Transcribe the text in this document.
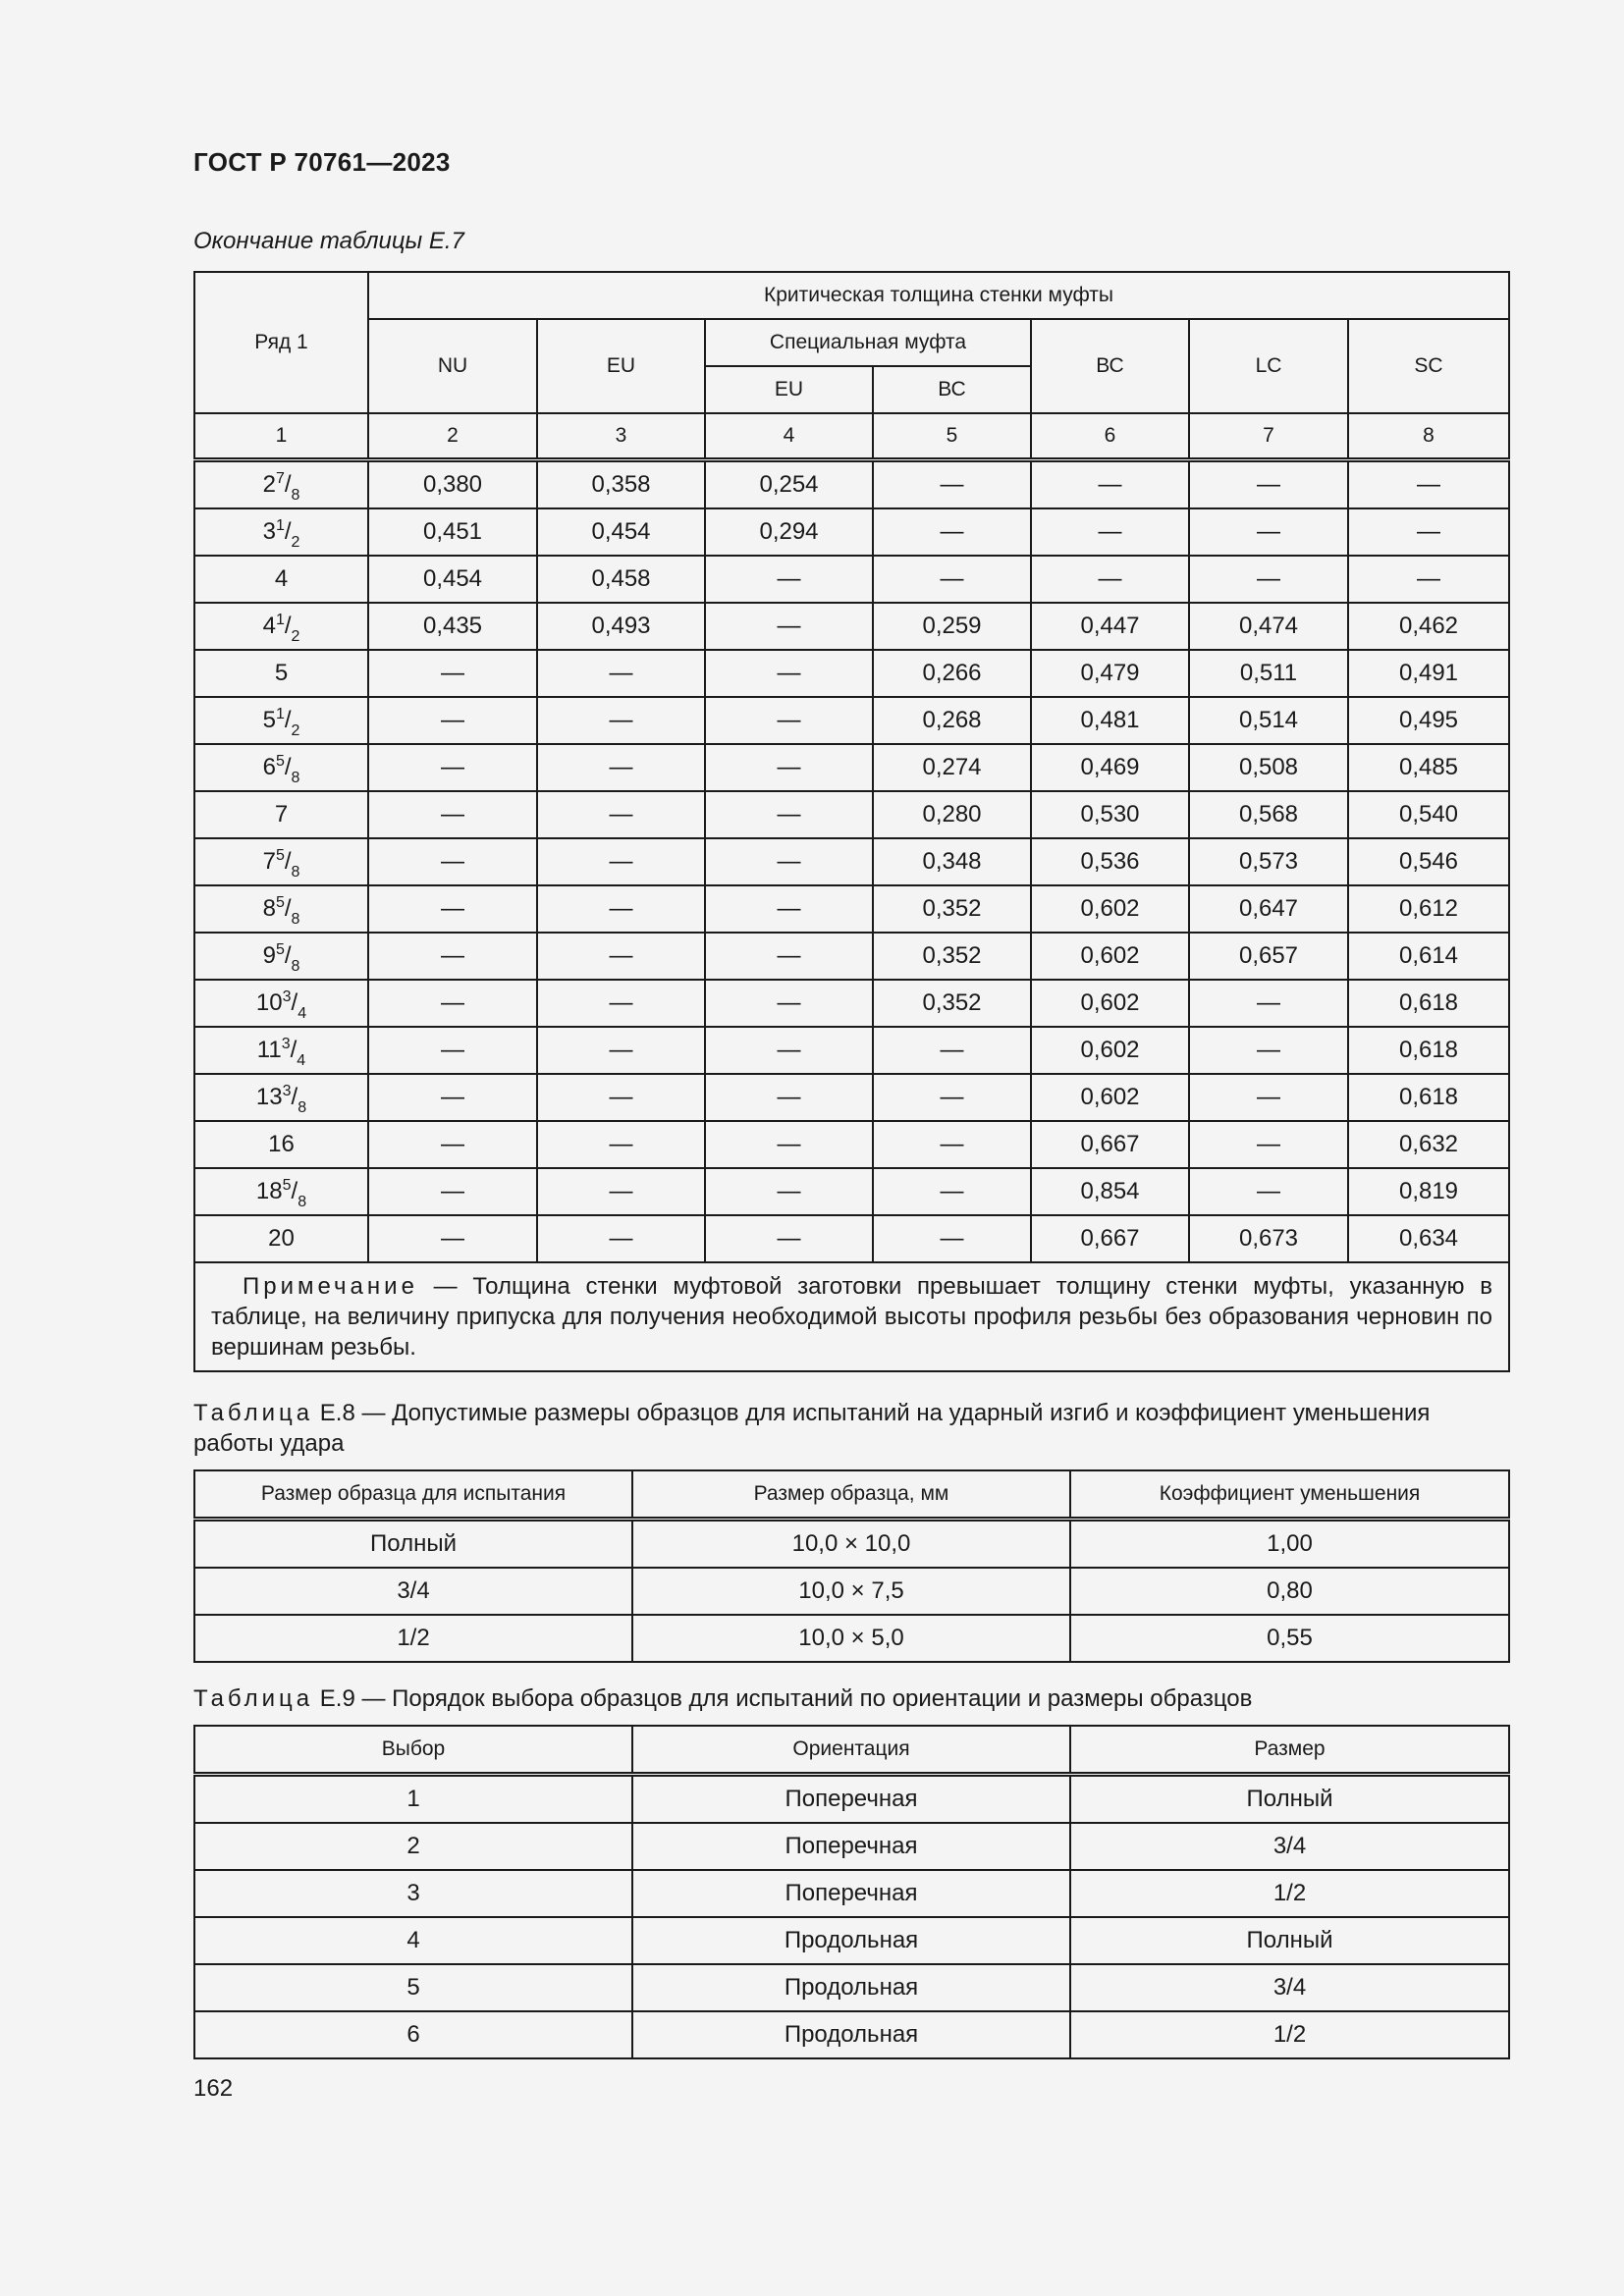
ГОСТ Р 70761—2023
Окончание таблицы Е.7
Ряд 1	Критическая толщина стенки муфты						
	NU	EU	Специальная муфта		ВС	LC	SC
			EU	ВС			
1	2	3	4	5	6	7	8
$2^7/_8$	0,380	0,358	0,254	—	—	—	—
$3^1/_2$	0,451	0,454	0,294	—	—	—	—
4	0,454	0,458	—	—	—	—	—
$4^1/_2$	0,435	0,493	—	0,259	0,447	0,474	0,462
5	—	—	—	0,266	0,479	0,511	0,491
$5^1/_2$	—	—	—	0,268	0,481	0,514	0,495
$6^5/_8$	—	—	—	0,274	0,469	0,508	0,485
7	—	—	—	0,280	0,530	0,568	0,540
$7^5/_8$	—	—	—	0,348	0,536	0,573	0,546
$8^5/_8$	—	—	—	0,352	0,602	0,647	0,612
$9^5/_8$	—	—	—	0,352	0,602	0,657	0,614
$10^3/_4$	—	—	—	0,352	0,602	—	0,618
$11^3/_4$	—	—	—	—	0,602	—	0,618
$13^3/_8$	—	—	—	—	0,602	—	0,618
16	—	—	—	—	0,667	—	0,632
$18^5/_8$	—	—	—	—	0,854	—	0,819
20	—	—	—	—	0,667	0,673	0,634
Примечание — Толщина стенки муфтовой заготовки превышает толщину стенки муфты, указанную в таблице, на величину припуска для получения необходимой высоты профиля резьбы без образования черновин по вершинам резьбы.							
Таблица Е.8 — Допустимые размеры образцов для испытаний на ударный изгиб и коэффициент уменьшения работы удара
Размер образца для испытания	Размер образца, мм	Коэффициент уменьшения
Полный	10,0 × 10,0	1,00
3/4	10,0 × 7,5	0,80
1/2	10,0 × 5,0	0,55
Таблица Е.9 — Порядок выбора образцов для испытаний по ориентации и размеры образцов
Выбор	Ориентация	Размер
1	Поперечная	Полный
2	Поперечная	3/4
3	Поперечная	1/2
4	Продольная	Полный
5	Продольная	3/4
6	Продольная	1/2
162
